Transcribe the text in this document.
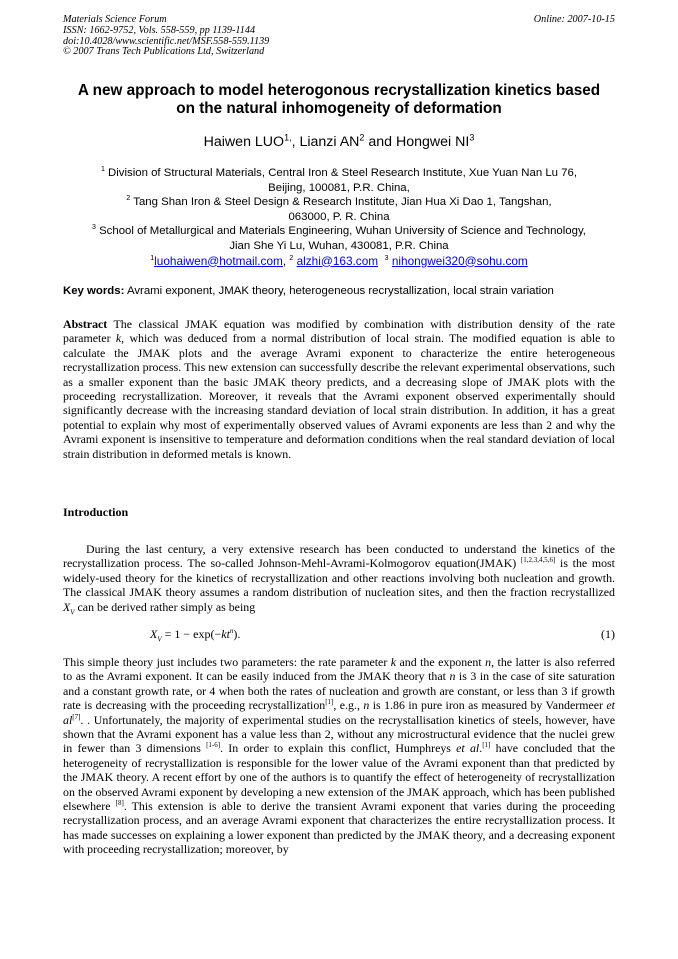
Materials Science Forum
ISSN: 1662-9752, Vols. 558-559, pp 1139-1144
doi:10.4028/www.scientific.net/MSF.558-559.1139
© 2007 Trans Tech Publications Ltd, Switzerland
Online: 2007-10-15
A new approach to model heterogonous recrystallization kinetics based
on the natural inhomogeneity of deformation
Haiwen $LUO^{1,}$, Lianzi $AN^2$ and Hongwei $NI^3$
$^1$ Division of Structural Materials, Central Iron & Steel Research Institute, Xue Yuan Nan Lu 76,
Beijing, 100081, P.R. China,
$^2$ Tang Shan Iron & Steel Design & Research Institute, Jian Hua Xi Dao 1, Tangshan,
063000, P. R. China
$^3$ School of Metallurgical and Materials Engineering, Wuhan University of Science and Technology,
Jian She Yi Lu, Wuhan, 430081, P.R. China
$^1$luohaiwen@hotmail.com, $^2$ alzhi@163.com $^3$ nihongwei320@sohu.com
Key words: Avrami exponent, JMAK theory, heterogeneous recrystallization, local strain variation
Abstract The classical JMAK equation was modified by combination with distribution density of the rate parameter k, which was deduced from a normal distribution of local strain. The modified equation is able to calculate the JMAK plots and the average Avrami exponent to characterize the entire heterogeneous recrystallization process. This new extension can successfully describe the relevant experimental observations, such as a smaller exponent than the basic JMAK theory predicts, and a decreasing slope of JMAK plots with the proceeding recrystallization. Moreover, it reveals that the Avrami exponent observed experimentally should significantly decrease with the increasing standard deviation of local strain distribution. In addition, it has a great potential to explain why most of experimentally observed values of Avrami exponents are less than 2 and why the Avrami exponent is insensitive to temperature and deformation conditions when the real standard deviation of local strain distribution in deformed metals is known.
Introduction
During the last century, a very extensive research has been conducted to understand the kinetics of the recrystallization process. The so-called Johnson-Mehl-Avrami-Kolmogorov equation(JMAK) [1,2,3,4,5,6] is the most widely-used theory for the kinetics of recrystallization and other reactions involving both nucleation and growth. The classical JMAK theory assumes a random distribution of nucleation sites, and then the fraction recrystallized $X_V$ can be derived rather simply as being
$X_V = 1 - \exp(-kt^n)$.	(1)
This simple theory just includes two parameters: the rate parameter k and the exponent n, the latter is also referred to as the Avrami exponent. It can be easily induced from the JMAK theory that n is 3 in the case of site saturation and a constant growth rate, or 4 when both the rates of nucleation and growth are constant, or less than 3 if growth rate is decreasing with the proceeding recrystallization[1], e.g., n is 1.86 in pure iron as measured by Vandermeer et al[7]. . Unfortunately, the majority of experimental studies on the recrystallisation kinetics of steels, however, have shown that the Avrami exponent has a value less than 2, without any microstructural evidence that the nuclei grew in fewer than 3 dimensions [1-6]. In order to explain this conflict, Humphreys et al.[1] have concluded that the heterogeneity of recrystallization is responsible for the lower value of the Avrami exponent than that predicted by the JMAK theory. A recent effort by one of the authors is to quantify the effect of heterogeneity of recrystallization on the observed Avrami exponent by developing a new extension of the JMAK approach, which has been published elsewhere [8]. This extension is able to derive the transient Avrami exponent that varies during the proceeding recrystallization process, and an average Avrami exponent that characterizes the entire recrystallization process. It has made successes on explaining a lower exponent than predicted by the JMAK theory, and a decreasing exponent with proceeding recrystallization; moreover, by
